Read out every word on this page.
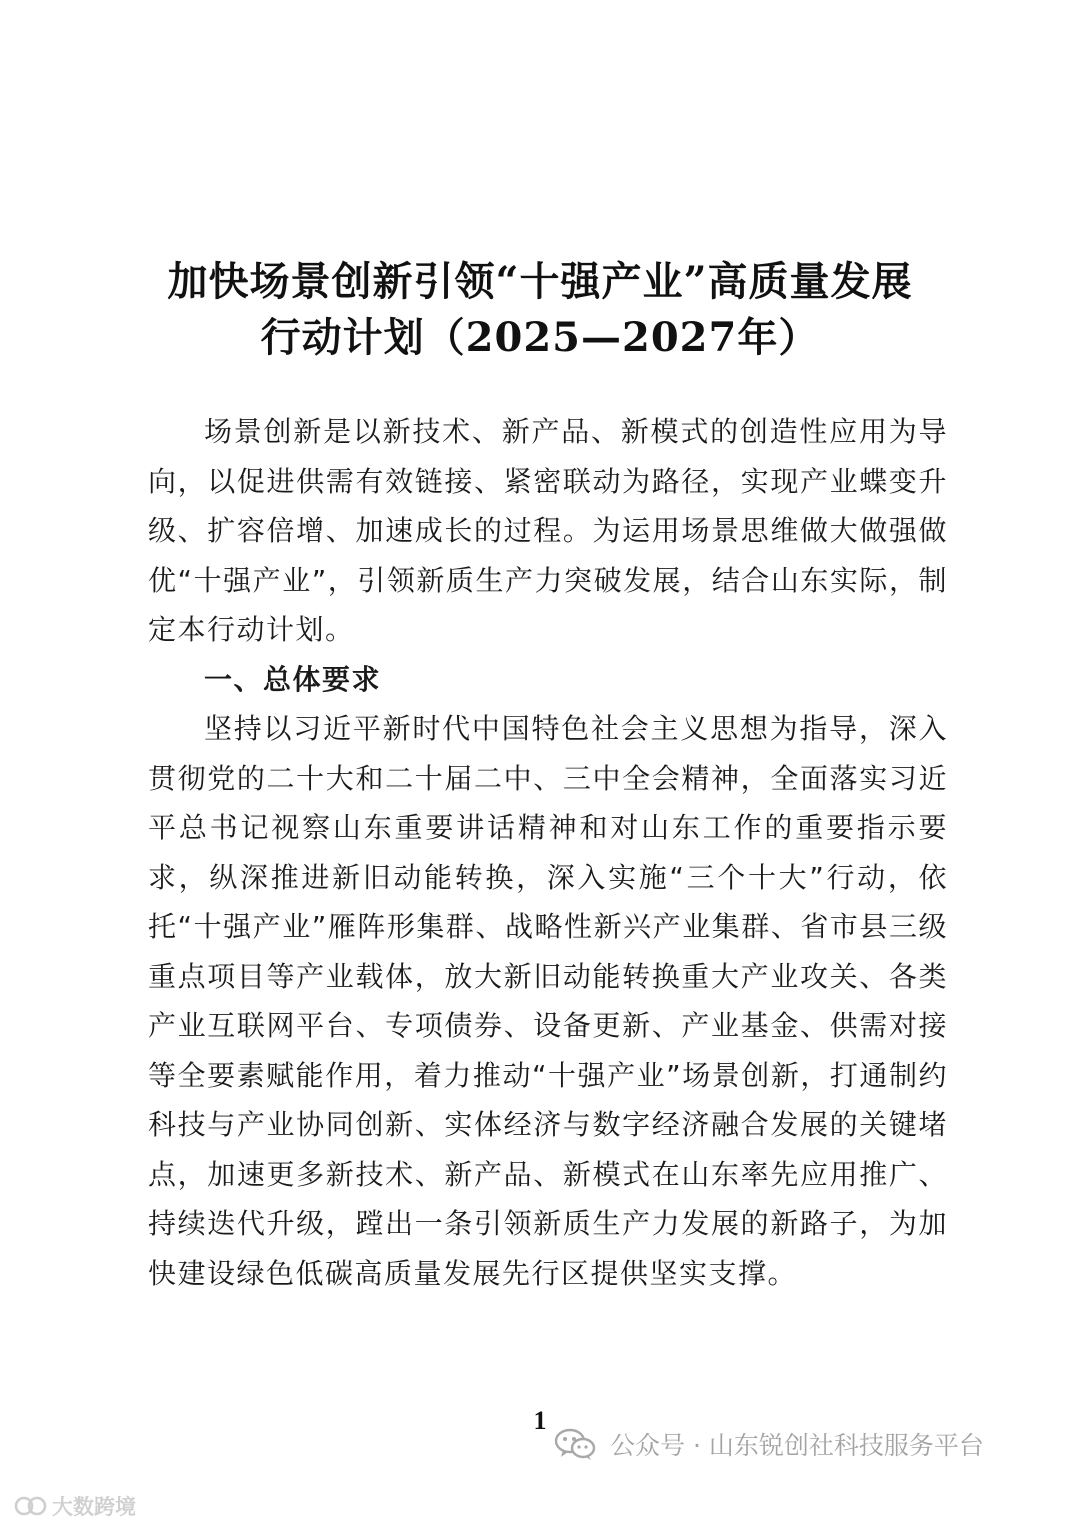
加快场景创新引领“十强产业”高质量发展
行动计划（2025—2027年）

场景创新是以新技术、新产品、新模式的创造性应用为导向，以促进供需有效链接、紧密联动为路径，实现产业蝶变升级、扩容倍增、加速成长的过程。为运用场景思维做大做强做优“十强产业”，引领新质生产力突破发展，结合山东实际，制定本行动计划。

一、总体要求

坚持以习近平新时代中国特色社会主义思想为指导，深入贯彻党的二十大和二十届二中、三中全会精神，全面落实习近平总书记视察山东重要讲话精神和对山东工作的重要指示要求，纵深推进新旧动能转换，深入实施“三个十大”行动，依托“十强产业”雁阵形集群、战略性新兴产业集群、省市县三级重点项目等产业载体，放大新旧动能转换重大产业攻关、各类产业互联网平台、专项债券、设备更新、产业基金、供需对接等全要素赋能作用，着力推动“十强产业”场景创新，打通制约科技与产业协同创新、实体经济与数字经济融合发展的关键堵点，加速更多新技术、新产品、新模式在山东率先应用推广、持续迭代升级，蹚出一条引领新质生产力发展的新路子，为加快建设绿色低碳高质量发展先行区提供坚实支撑。

1
公众号 · 山东锐创社科技服务平台
大数跨境
